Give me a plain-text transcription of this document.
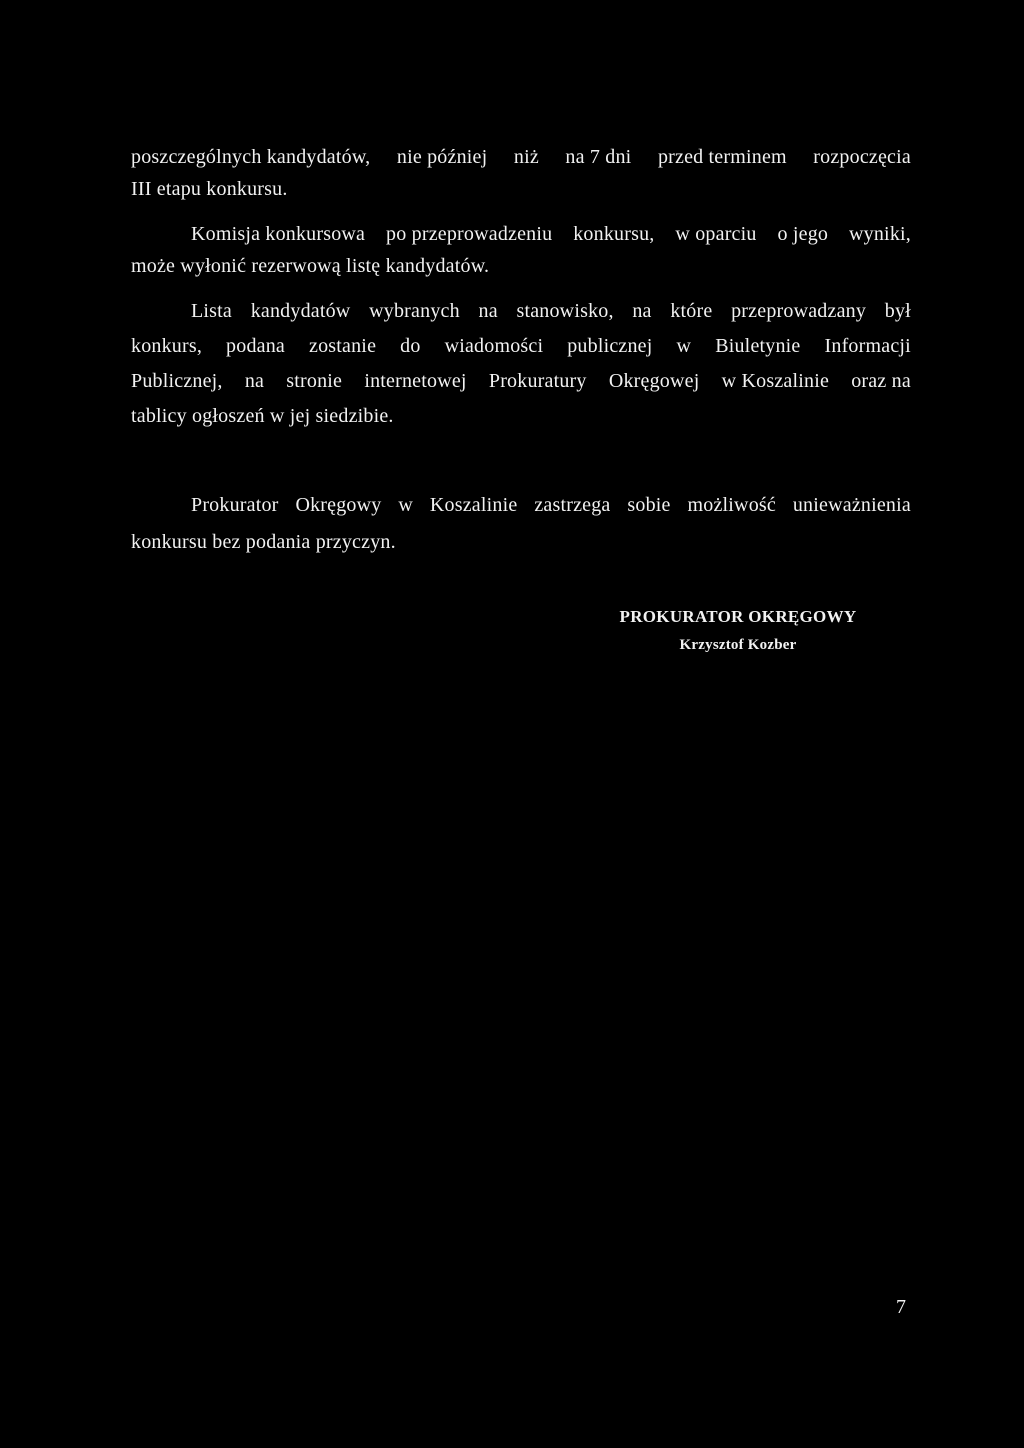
poszczególnych kandydatów, nie później niż na 7 dni przed terminem rozpoczęcia
III etapu konkursu.
Komisja konkursowa po przeprowadzeniu konkursu, w oparciu o jego wyniki,
może wyłonić rezerwową listę kandydatów.
Lista kandydatów wybranych na stanowisko, na które przeprowadzany był
konkurs, podana zostanie do wiadomości publicznej w Biuletynie Informacji
Publicznej, na stronie internetowej Prokuratury Okręgowej w Koszalinie oraz na
tablicy ogłoszeń w jej siedzibie.
Prokurator Okręgowy w Koszalinie zastrzega sobie możliwość unieważnienia
konkursu bez podania przyczyn.
PROKURATOR OKRĘGOWY
Krzysztof Kozber
7
